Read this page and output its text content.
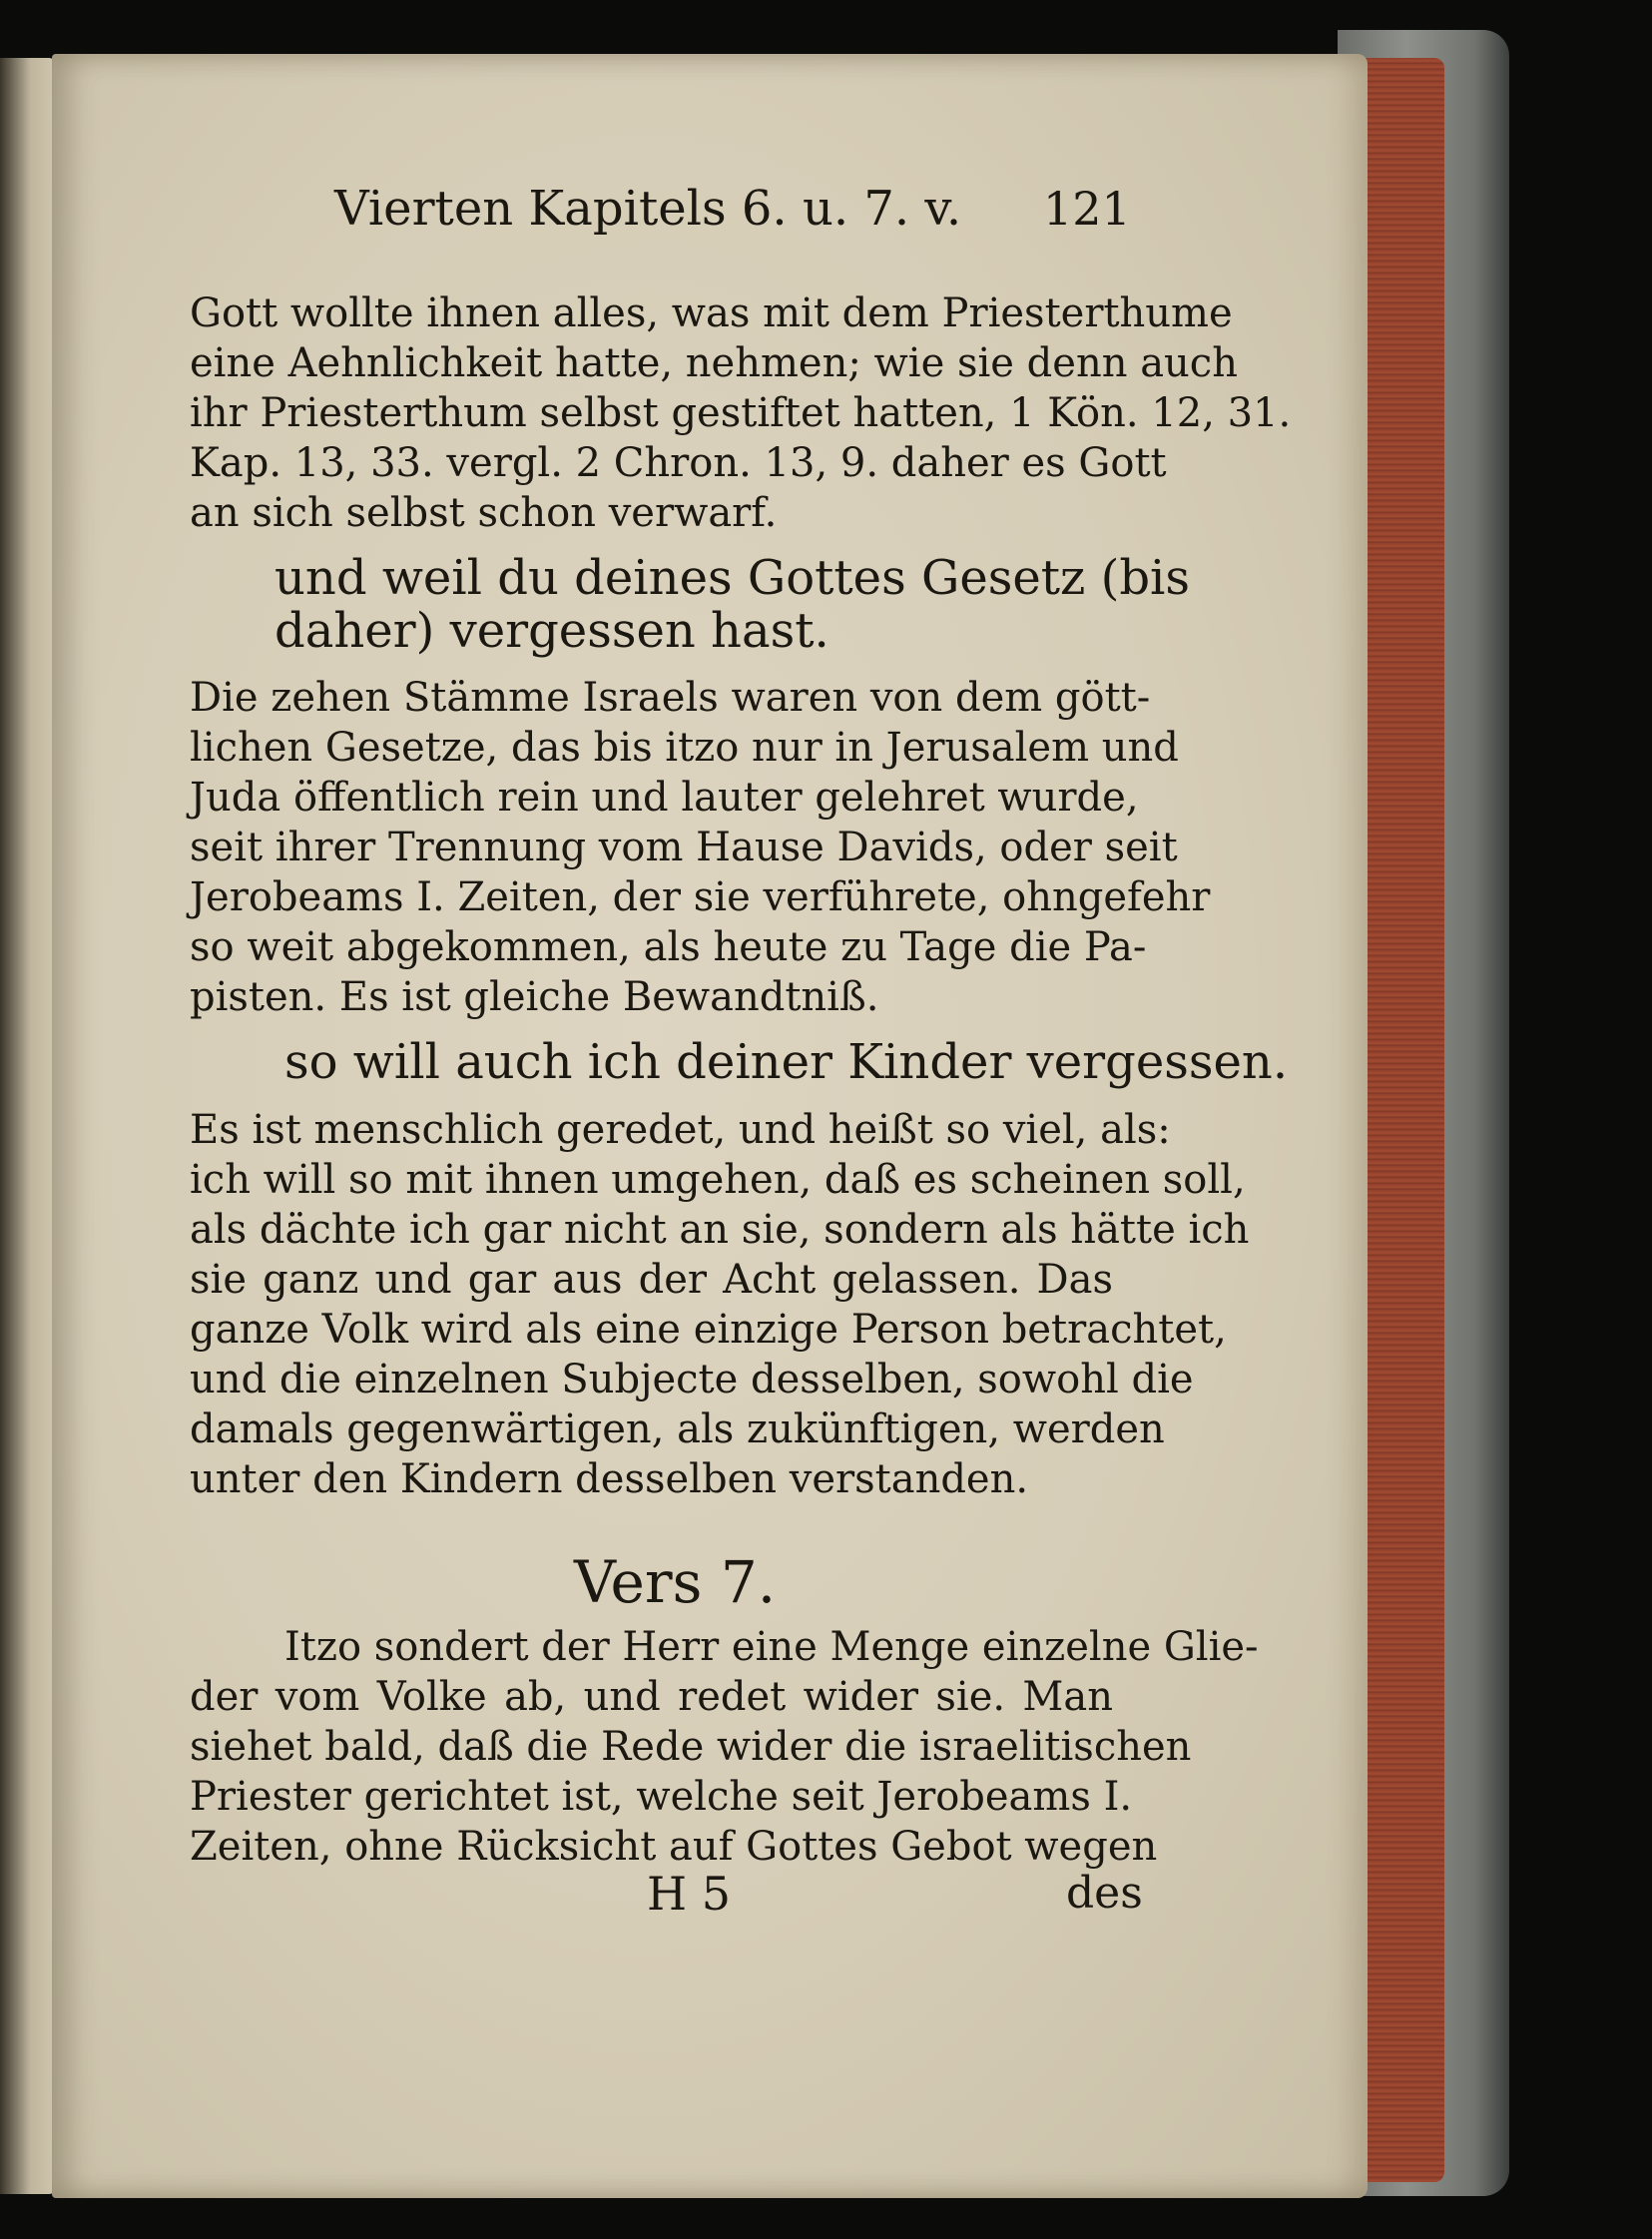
Vierten Kapitels 6. u. 7. v. 121

Gott wollte ihnen alles, was mit dem Priesterthume

eine Aehnlichkeit hatte, nehmen; wie sie denn auch

ihr Priesterthum selbst gestiftet hatten, 1 Kön. 12, 31.

Kap. 13, 33. vergl. 2 Chron. 13, 9. daher es Gott

an sich selbst schon verwarf.

und weil du deines Gottes Gesetz (bis

daher) vergessen hast.

Die zehen Stämme Israels waren von dem gött-

lichen Gesetze, das bis itzo nur in Jerusalem und

Juda öffentlich rein und lauter gelehret wurde,

seit ihrer Trennung vom Hause Davids, oder seit

Jerobeams I. Zeiten, der sie verführete, ohngefehr

so weit abgekommen, als heute zu Tage die Pa-

pisten. Es ist gleiche Bewandtniß.

so will auch ich deiner Kinder vergessen.

Es ist menschlich geredet, und heißt so viel, als:

ich will so mit ihnen umgehen, daß es scheinen soll,

als dächte ich gar nicht an sie, sondern als hätte ich

sie ganz und gar aus der Acht gelassen. Das

ganze Volk wird als eine einzige Person betrachtet,

und die einzelnen Subjecte desselben, sowohl die

damals gegenwärtigen, als zukünftigen, werden

unter den Kindern desselben verstanden.

Vers 7.

Itzo sondert der Herr eine Menge einzelne Glie-

der vom Volke ab, und redet wider sie. Man

siehet bald, daß die Rede wider die israelitischen

Priester gerichtet ist, welche seit Jerobeams I.

Zeiten, ohne Rücksicht auf Gottes Gebot wegen

H 5	des
